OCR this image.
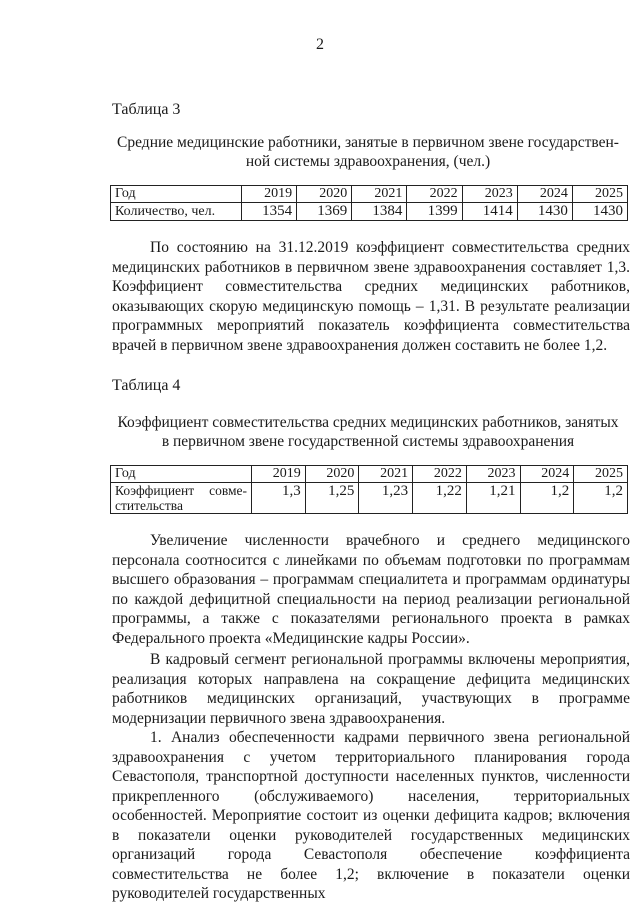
2
Таблица 3
Средние медицинские работники, занятые в первичном звене государствен-
ной системы здравоохранения, (чел.)
Год	2019	2020	2021	2022	2023	2024	2025
Количество, чел.	1354	1369	1384	1399	1414	1430	1430
По состоянию на 31.12.2019 коэффициент совместительства средних медицинских работников в первичном звене здравоохранения составляет 1,3. Коэффициент совместительства средних медицинских работников, оказывающих скорую медицинскую помощь – 1,31. В результате реализации программных мероприятий показатель коэффициента совместительства врачей в первичном звене здравоохранения должен составить не более 1,2.
Таблица 4
Коэффициент совместительства средних медицинских работников, занятых
в первичном звене государственной системы здравоохранения
Год	2019	2020	2021	2022	2023	2024	2025
Коэффициент совме-стительства	1,3	1,25	1,23	1,22	1,21	1,2	1,2
Увеличение численности врачебного и среднего медицинского персонала соотносится с линейками по объемам подготовки по программам высшего образования – программам специалитета и программам ординатуры по каждой дефицитной специальности на период реализации региональной программы, а также с показателями регионального проекта в рамках Федерального проекта «Медицинские кадры России».
В кадровый сегмент региональной программы включены мероприятия, реализация которых направлена на сокращение дефицита медицинских работников медицинских организаций, участвующих в программе модернизации первичного звена здравоохранения.
1. Анализ обеспеченности кадрами первичного звена региональной здравоохранения с учетом территориального планирования города Севастополя, транспортной доступности населенных пунктов, численности прикрепленного (обслуживаемого) населения, территориальных особенностей. Мероприятие состоит из оценки дефицита кадров; включения в показатели оценки руководителей государственных медицинских организаций города Севастополя обеспечение коэффициента совместительства не более 1,2; включение в показатели оценки руководителей государственных
